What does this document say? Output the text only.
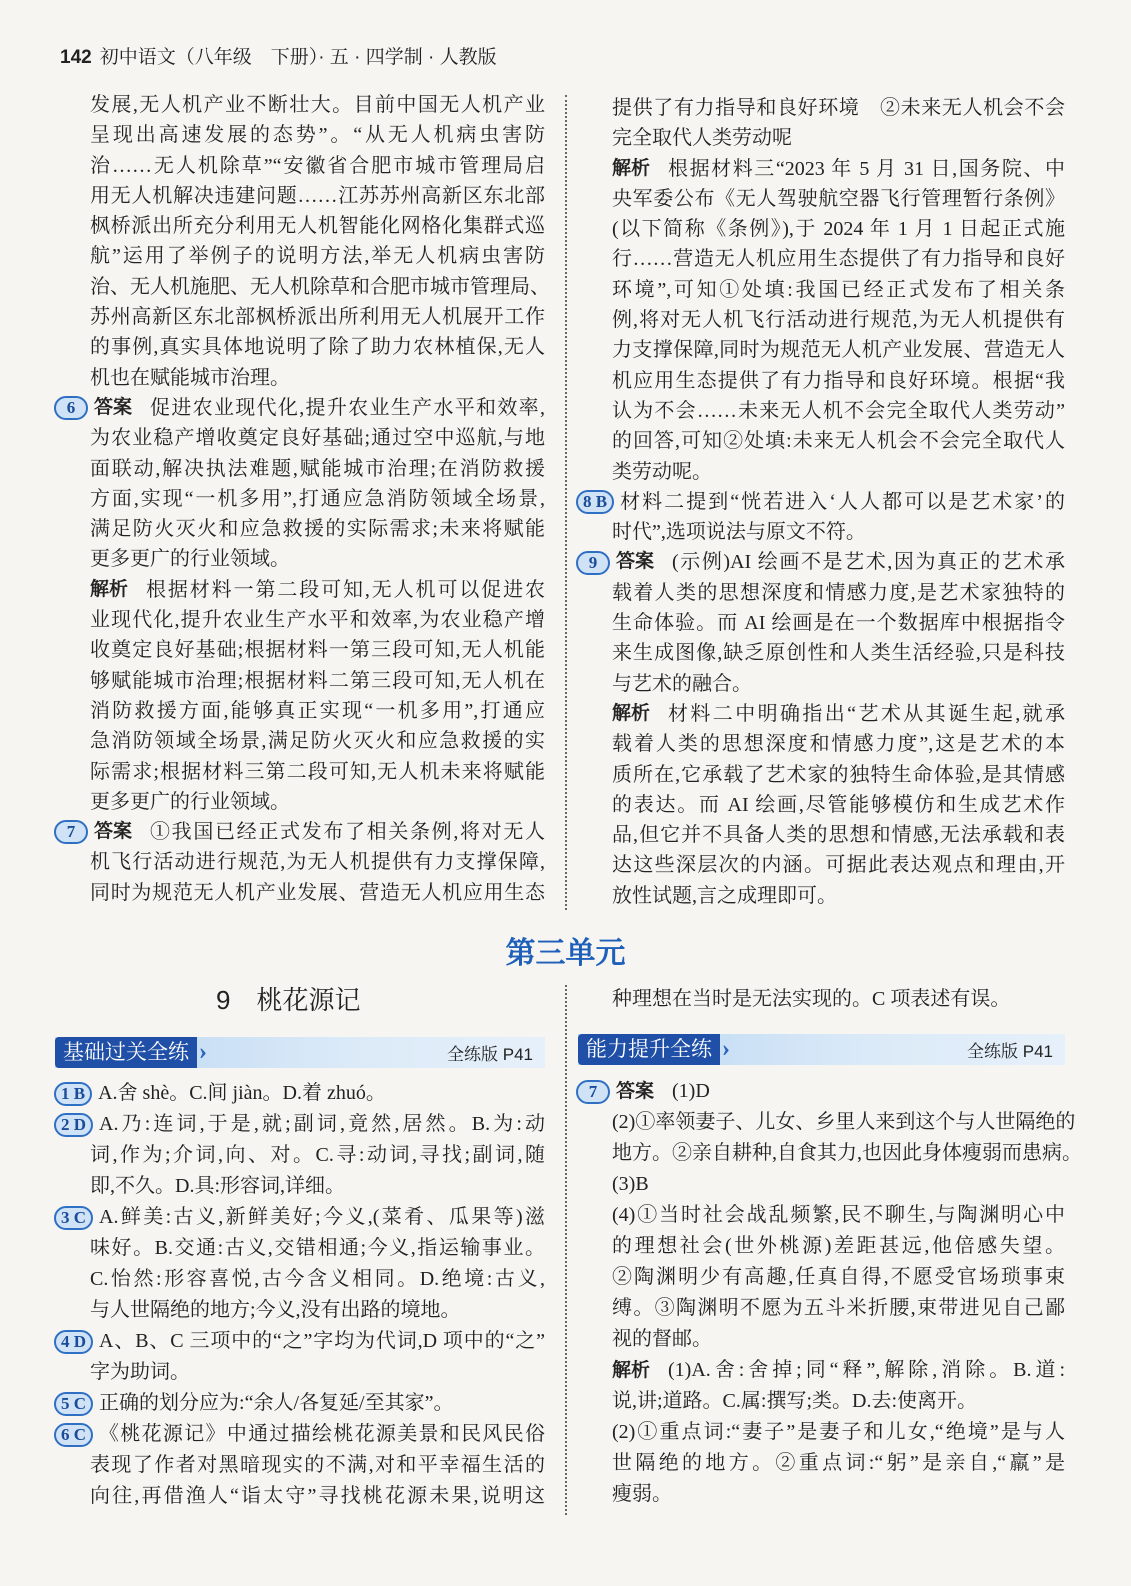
142 初中语文（八年级　下册）· 五 · 四学制 · 人教版
发展,无人机产业不断壮大。目前中国无人机产业
呈现出高速发展的态势”。“从无人机病虫害防
治……无人机除草”“安徽省合肥市城市管理局启
用无人机解决违建问题……江苏苏州高新区东北部
枫桥派出所充分利用无人机智能化网格化集群式巡
航”运用了举例子的说明方法,举无人机病虫害防
治、无人机施肥、无人机除草和合肥市城市管理局、
苏州高新区东北部枫桥派出所利用无人机展开工作
的事例,真实具体地说明了除了助力农林植保,无人
机也在赋能城市治理。
6 答案 促进农业现代化,提升农业生产水平和效率,
为农业稳产增收奠定良好基础;通过空中巡航,与地
面联动,解决执法难题,赋能城市治理;在消防救援
方面,实现“一机多用”,打通应急消防领域全场景,
满足防火灭火和应急救援的实际需求;未来将赋能
更多更广的行业领域。
解析 根据材料一第二段可知,无人机可以促进农
业现代化,提升农业生产水平和效率,为农业稳产增
收奠定良好基础;根据材料一第三段可知,无人机能
够赋能城市治理;根据材料二第三段可知,无人机在
消防救援方面,能够真正实现“一机多用”,打通应
急消防领域全场景,满足防火灭火和应急救援的实
际需求;根据材料三第二段可知,无人机未来将赋能
更多更广的行业领域。
7 答案 ①我国已经正式发布了相关条例,将对无人
机飞行活动进行规范,为无人机提供有力支撑保障,
同时为规范无人机产业发展、营造无人机应用生态
提供了有力指导和良好环境　②未来无人机会不会
完全取代人类劳动呢
解析 根据材料三“2023 年 5 月 31 日,国务院、中
央军委公布《无人驾驶航空器飞行管理暂行条例》
(以下简称《条例》),于 2024 年 1 月 1 日起正式施
行……营造无人机应用生态提供了有力指导和良好
环境”,可知①处填:我国已经正式发布了相关条
例,将对无人机飞行活动进行规范,为无人机提供有
力支撑保障,同时为规范无人机产业发展、营造无人
机应用生态提供了有力指导和良好环境。根据“我
认为不会……未来无人机不会完全取代人类劳动”
的回答,可知②处填:未来无人机会不会完全取代人
类劳动呢。
8 B 材料二提到“恍若进入‘人人都可以是艺术家’的
时代”,选项说法与原文不符。
9 答案 (示例)AI 绘画不是艺术,因为真正的艺术承
载着人类的思想深度和情感力度,是艺术家独特的
生命体验。而 AI 绘画是在一个数据库中根据指令
来生成图像,缺乏原创性和人类生活经验,只是科技
与艺术的融合。
解析 材料二中明确指出“艺术从其诞生起,就承
载着人类的思想深度和情感力度”,这是艺术的本
质所在,它承载了艺术家的独特生命体验,是其情感
的表达。而 AI 绘画,尽管能够模仿和生成艺术作
品,但它并不具备人类的思想和情感,无法承载和表
达这些深层次的内涵。可据此表达观点和理由,开
放性试题,言之成理即可。
第三单元
9 桃花源记
基础过关全练	全练版 P41	能力提升全练	全练版 P41
1 B A.舍 shè。C.间 jiàn。D.着 zhuó。
2 D A.乃:连词,于是,就;副词,竟然,居然。B.为:动
词,作为;介词,向、对。C.寻:动词,寻找;副词,随
即,不久。D.具:形容词,详细。
3 C A.鲜美:古义,新鲜美好;今义,(菜肴、瓜果等)滋
味好。B.交通:古义,交错相通;今义,指运输事业。
C.怡然:形容喜悦,古今含义相同。D.绝境:古义,
与人世隔绝的地方;今义,没有出路的境地。
4 D A、B、C 三项中的“之”字均为代词,D 项中的“之”
字为助词。
5 C 正确的划分应为:“余人/各复延/至其家”。
6 C 《桃花源记》中通过描绘桃花源美景和民风民俗
表现了作者对黑暗现实的不满,对和平幸福生活的
向往,再借渔人“诣太守”寻找桃花源未果,说明这
种理想在当时是无法实现的。C 项表述有误。
7 答案 (1)D
(2)①率领妻子、儿女、乡里人来到这个与人世隔绝的
地方。②亲自耕种,自食其力,也因此身体瘦弱而患病。
(3)B
(4)①当时社会战乱频繁,民不聊生,与陶渊明心中
的理想社会(世外桃源)差距甚远,他倍感失望。
②陶渊明少有高趣,任真自得,不愿受官场琐事束
缚。③陶渊明不愿为五斗米折腰,束带进见自己鄙
视的督邮。
解析 (1)A.舍:舍掉;同“释”,解除,消除。B.道:
说,讲;道路。C.属:撰写;类。D.去:使离开。
(2)①重点词:“妻子”是妻子和儿女,“绝境”是与人
世隔绝的地方。②重点词:“躬”是亲自,“羸”是
瘦弱。
